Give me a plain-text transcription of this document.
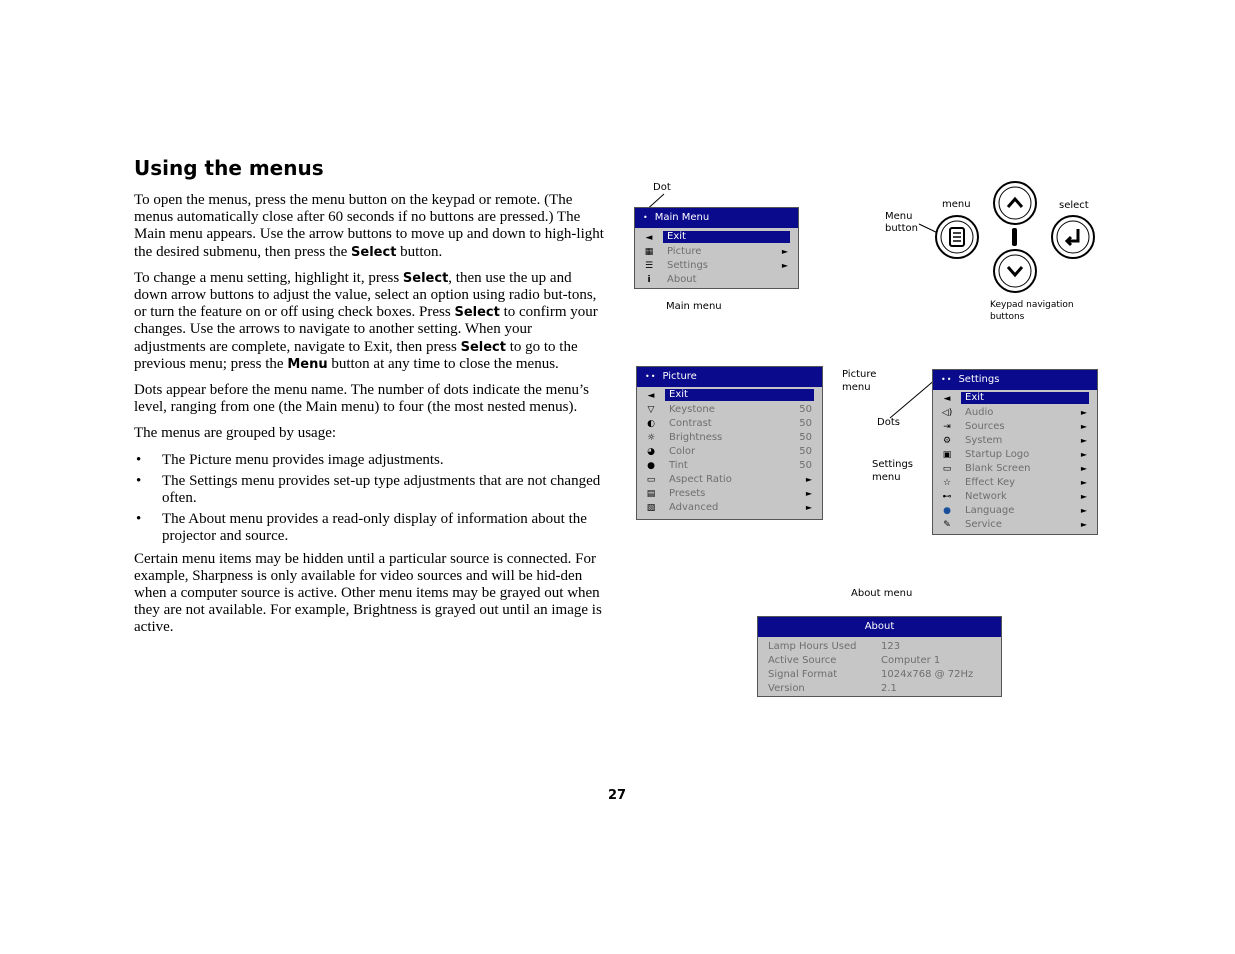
Using the menus

To open the menus, press the menu button on the keypad or remote. (The menus automatically close after 60 seconds if no buttons are pressed.) The Main menu appears. Use the arrow buttons to move up and down to high-light the desired submenu, then press the Select button.

To change a menu setting, highlight it, press Select, then use the up and down arrow buttons to adjust the value, select an option using radio but-tons, or turn the feature on or off using check boxes. Press Select to confirm your changes. Use the arrows to navigate to another setting. When your adjustments are complete, navigate to Exit, then press Select to go to the previous menu; press the Menu button at any time to close the menus.

Dots appear before the menu name. The number of dots indicate the menu’s level, ranging from one (the Main menu) to four (the most nested menus).

The menus are grouped by usage:

• The Picture menu provides image adjustments.
• The Settings menu provides set-up type adjustments that are not changed often.
• The About menu provides a read-only display of information about the projector and source.

Certain menu items may be hidden until a particular source is connected. For example, Sharpness is only available for video sources and will be hid-den when a computer source is active. Other menu items may be grayed out when they are not available. For example, Brightness is grayed out until an image is active.

Dot
• Main Menu
◄	Exit
▦ Picture	►
☰ Settings	►
i	About
Main menu
Menu
button
menu	select
Keypad navigation
buttons
•• Picture
◄	Exit
▽ Keystone	50
◐ Contrast	50
☼ Brightness	50
◕ Color	50
● Tint	50
▭ Aspect Ratio	►
▤ Presets	►
▧ Advanced	►
Picture
menu
Dots
Settings
menu
•• Settings
◄	Exit
◁) Audio	►
⇥ Sources	►
⚙ System	►
▣ Startup Logo	►
▭ Blank Screen	►
☆ Effect Key	►
⊷ Network	►
● Language	►
✎ Service	►
About menu
About
Lamp Hours Used 123
Active Source	Computer 1
Signal Format	1024x768 @ 72Hz
Version	2.1
27
